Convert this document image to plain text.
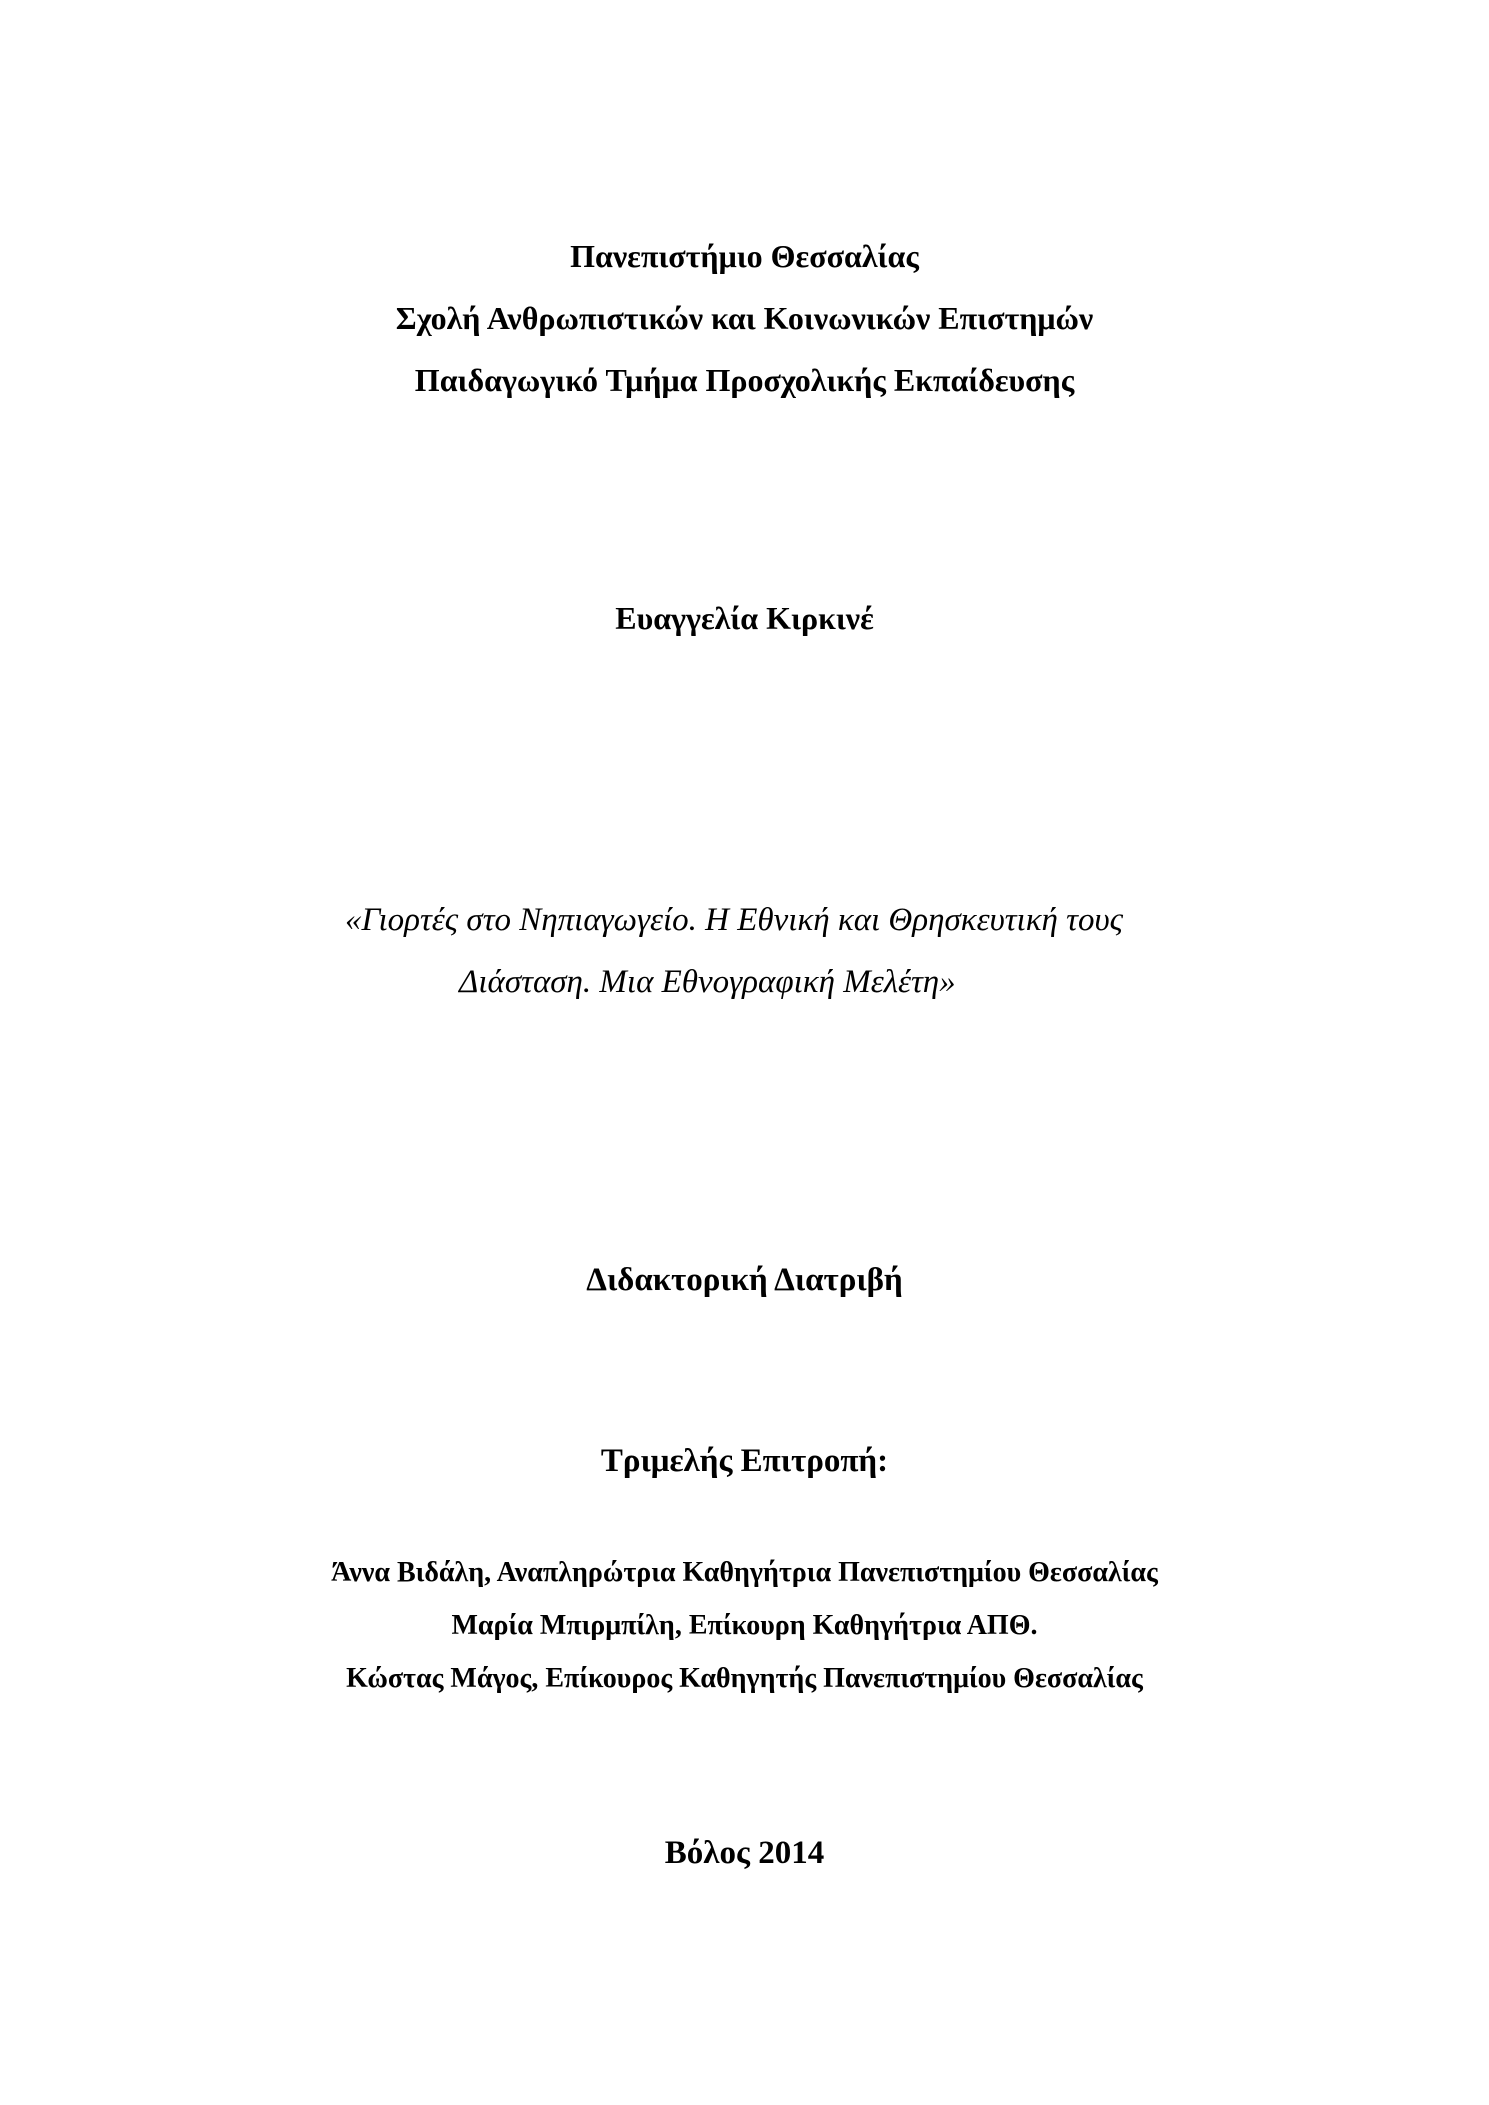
Πανεπιστήμιο Θεσσαλίας
Σχολή Ανθρωπιστικών και Κοινωνικών Επιστημών
Παιδαγωγικό Τμήμα Προσχολικής Εκπαίδευσης
Ευαγγελία Κιρκινέ
«Γιορτές στο Νηπιαγωγείο. Η Εθνική και Θρησκευτική τους
Διάσταση. Μια Εθνογραφική Μελέτη»
Διδακτορική Διατριβή
Τριμελής Επιτροπή:
Άννα Βιδάλη, Αναπληρώτρια Καθηγήτρια Πανεπιστημίου Θεσσαλίας
Μαρία Μπιρμπίλη, Επίκουρη Καθηγήτρια ΑΠΘ.
Κώστας Μάγος, Επίκουρος Καθηγητής Πανεπιστημίου Θεσσαλίας
Βόλος 2014
